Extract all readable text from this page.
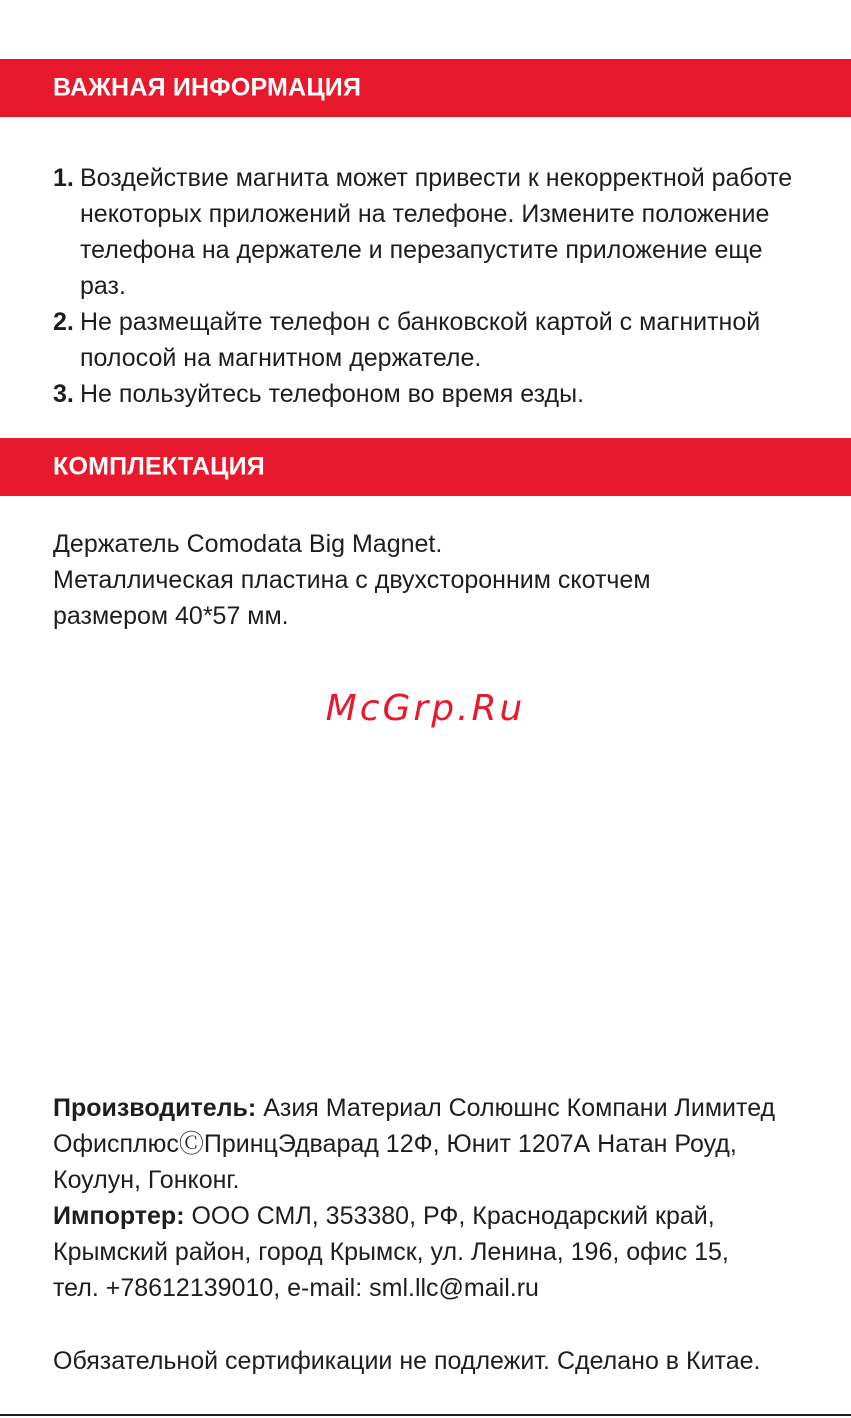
ВАЖНАЯ ИНФОРМАЦИЯ
1. Воздействие магнита может привести к некорректной работе некоторых приложений на телефоне. Измените положение телефона на держателе и перезапустите приложение еще раз.
2. Не размещайте телефон с банковской картой с магнитной полосой на магнитном держателе.
3. Не пользуйтесь телефоном во время езды.
КОМПЛЕКТАЦИЯ
Держатель Comodata Big Magnet.
Металлическая пластина с двухсторонним скотчем
размером 40*57 мм.
McGrp.Ru
Производитель: Азия Материал Солюшнс Компани Лимитед
ОфисплюсⒸПринцЭдварад 12Ф, Юнит 1207А Натан Роуд,
Коулун, Гонконг.
Импортер: ООО СМЛ, 353380, РФ, Краснодарский край,
Крымский район, город Крымск, ул. Ленина, 196, офис 15,
тел. +78612139010, e-mail: sml.llc@mail.ru
Обязательной сертификации не подлежит. Сделано в Китае.
